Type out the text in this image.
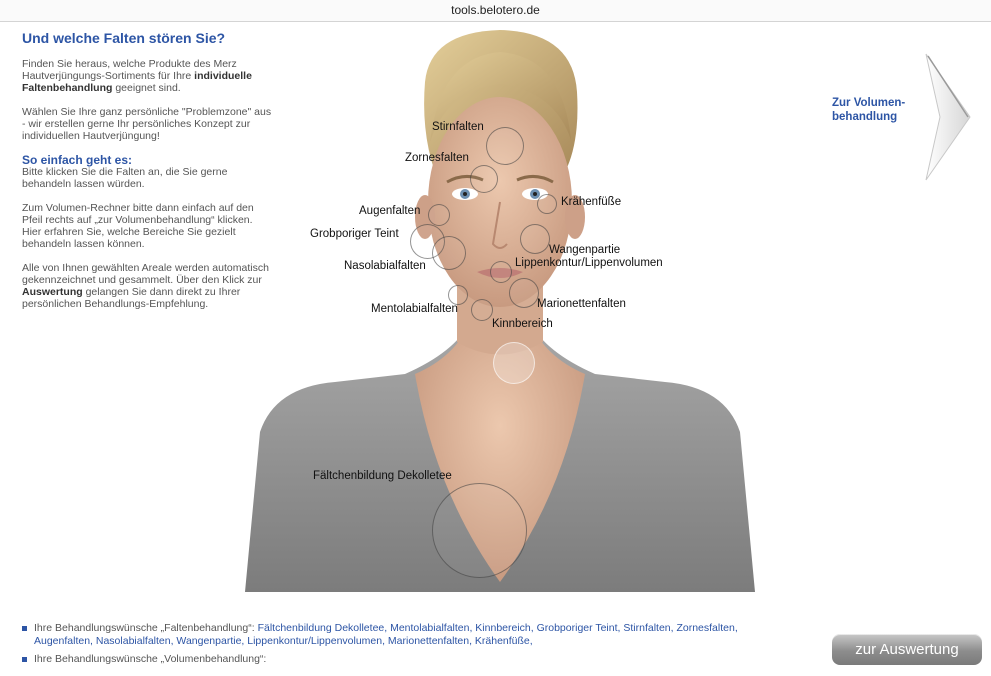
tools.belotero.de
Und welche Falten stören Sie?

Finden Sie heraus, welche Produkte des Merz Hautverjüngungs-Sortiments für Ihre individuelle Faltenbehandlung geeignet sind.

Wählen Sie Ihre ganz persönliche "Problemzone" aus - wir erstellen gerne Ihr persönliches Konzept zur individuellen Hautverjüngung!

So einfach geht es:

Bitte klicken Sie die Falten an, die Sie gerne behandeln lassen würden.

Zum Volumen-Rechner bitte dann einfach auf den Pfeil rechts auf „zur Volumenbehandlung“ klicken. Hier erfahren Sie, welche Bereiche Sie gezielt behandeln lassen können.

Alle von Ihnen gewählten Areale werden automatisch gekennzeichnet und gesammelt. Über den Klick zur Auswertung gelangen Sie dann direkt zu Ihrer persönlichen Behandlungs-Empfehlung.

Stirnfalten
Zornesfalten
Krähenfüße
Augenfalten
Grobporiger Teint
Nasolabialfalten
Wangenpartie
Lippenkontur/Lippenvolumen
Marionettenfalten
Mentolabialfalten
Kinnbereich
Fältchenbildung Dekolletee
Zur Volumen-behandlung
Ihre Behandlungswünsche „Faltenbehandlung“: Fältchenbildung Dekolletee, Mentolabialfalten, Kinnbereich, Grobporiger Teint, Stirnfalten, Zornesfalten, Augenfalten, Nasolabialfalten, Wangenpartie, Lippenkontur/Lippenvolumen, Marionettenfalten, Krähenfüße,
Ihre Behandlungswünsche „Volumenbehandlung“:
zur Auswertung
